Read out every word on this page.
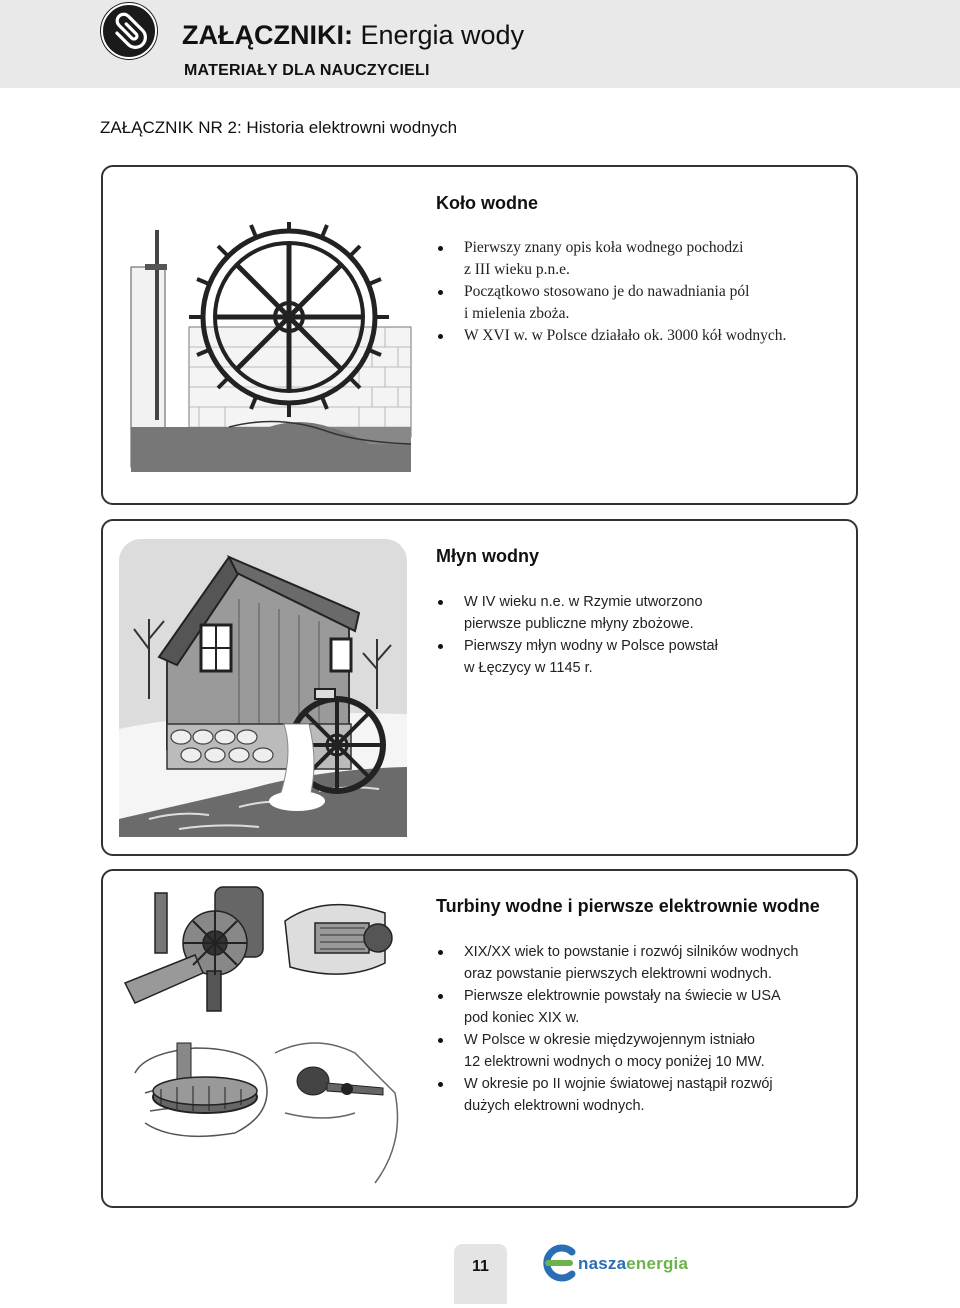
ZAŁĄCZNIKI: Energia wody
MATERIAŁY DLA NAUCZYCIELI
ZAŁĄCZNIK NR 2: Historia elektrowni wodnych
Koło wodne
Pierwszy znany opis koła wodnego pochodzi
z III wieku p.n.e.
Początkowo stosowano je do nawadniania pól
i mielenia zboża.
W XVI w. w Polsce działało ok. 3000 kół wodnych.
Młyn wodny
W IV wieku n.e. w Rzymie utworzono
pierwsze publiczne młyny zbożowe.
Pierwszy młyn wodny w Polsce powstał
w Łęczycy w 1145 r.
Turbiny wodne i pierwsze elektrownie wodne
XIX/XX wiek to powstanie i rozwój silników wodnych
oraz powstanie pierwszych elektrowni wodnych.
Pierwsze elektrownie powstały na świecie w USA
pod koniec XIX w.
W Polsce w okresie międzywojennym istniało
12 elektrowni wodnych o mocy poniżej 10 MW.
W okresie po II wojnie światowej nastąpił rozwój
dużych elektrowni wodnych.
11	naszaenergia
